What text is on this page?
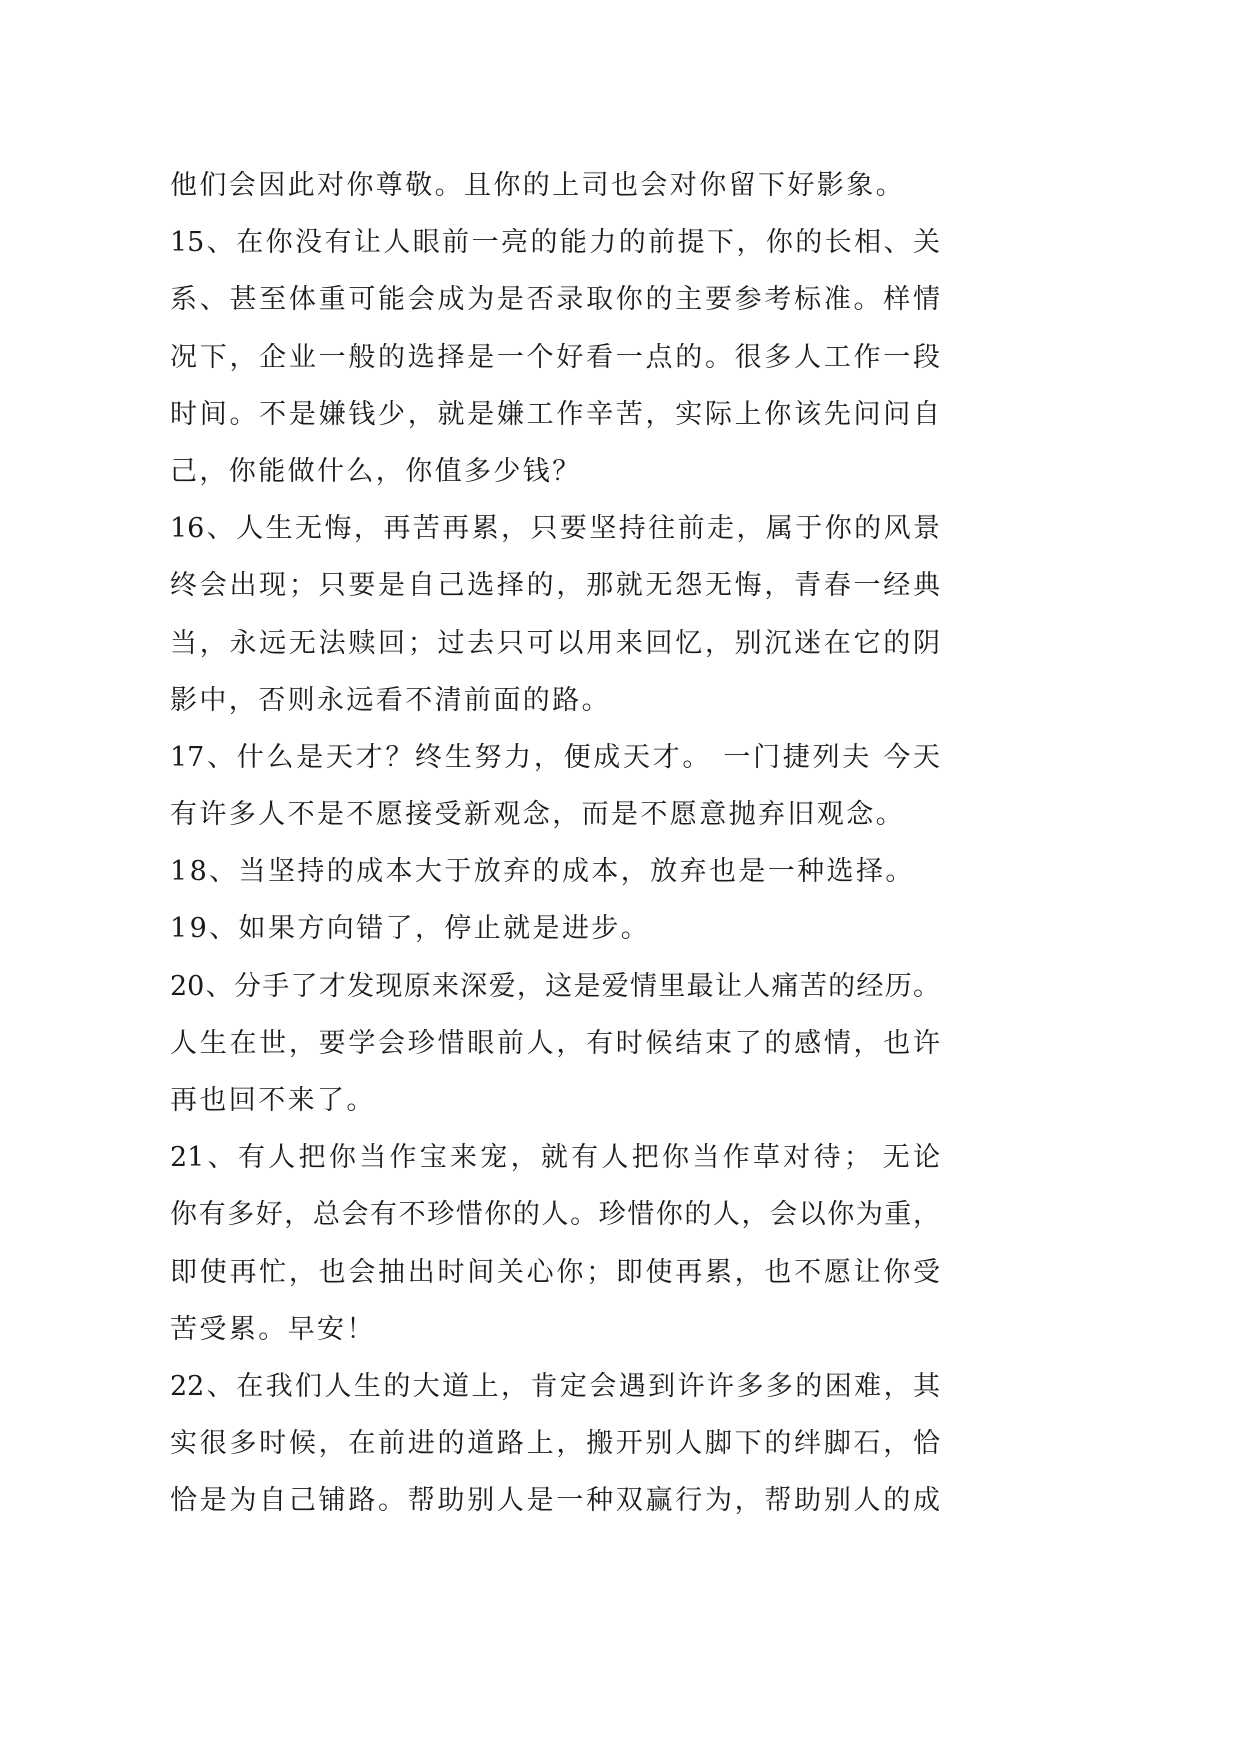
他们会因此对你尊敬。且你的上司也会对你留下好影象。
15、在你没有让人眼前一亮的能力的前提下，你的长相、关
系、甚至体重可能会成为是否录取你的主要参考标准。样情
况下，企业一般的选择是一个好看一点的。很多人工作一段
时间。不是嫌钱少，就是嫌工作辛苦，实际上你该先问问自
己，你能做什么，你值多少钱？
16、人生无悔，再苦再累，只要坚持往前走，属于你的风景
终会出现；只要是自己选择的，那就无怨无悔，青春一经典
当，永远无法赎回；过去只可以用来回忆，别沉迷在它的阴
影中，否则永远看不清前面的路。
17、什么是天才？终生努力，便成天才。 一门捷列夫 今天
有许多人不是不愿接受新观念，而是不愿意抛弃旧观念。
18、当坚持的成本大于放弃的成本，放弃也是一种选择。
19、如果方向错了，停止就是进步。
20、分手了才发现原来深爱，这是爱情里最让人痛苦的经历。
人生在世，要学会珍惜眼前人，有时候结束了的感情，也许
再也回不来了。
21、有人把你当作宝来宠，就有人把你当作草对待； 无论
你有多好，总会有不珍惜你的人。珍惜你的人，会以你为重，
即使再忙，也会抽出时间关心你；即使再累，也不愿让你受
苦受累。早安！
22、在我们人生的大道上，肯定会遇到许许多多的困难，其
实很多时候，在前进的道路上，搬开别人脚下的绊脚石，恰
恰是为自己铺路。帮助别人是一种双赢行为，帮助别人的成
